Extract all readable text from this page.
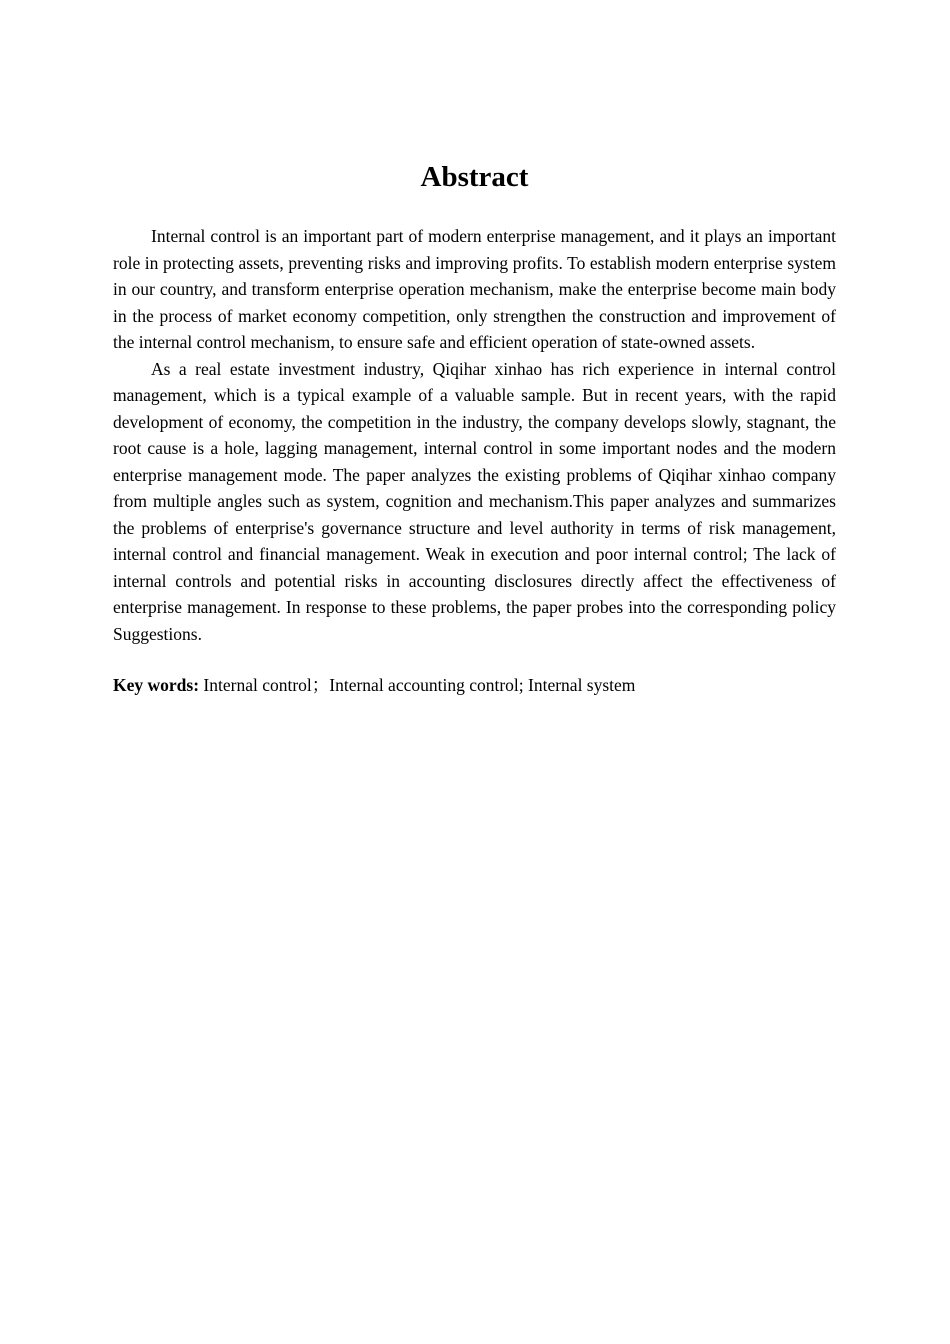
Abstract

Internal control is an important part of modern enterprise management, and it plays an important role in protecting assets, preventing risks and improving profits. To establish modern enterprise system in our country, and transform enterprise operation mechanism, make the enterprise become main body in the process of market economy competition, only strengthen the construction and improvement of the internal control mechanism, to ensure safe and efficient operation of state-owned assets.

As a real estate investment industry, Qiqihar xinhao has rich experience in internal control management, which is a typical example of a valuable sample. But in recent years, with the rapid development of economy, the competition in the industry, the company develops slowly, stagnant, the root cause is a hole, lagging management, internal control in some important nodes and the modern enterprise management mode. The paper analyzes the existing problems of Qiqihar xinhao company from multiple angles such as system, cognition and mechanism.This paper analyzes and summarizes the problems of enterprise's governance structure and level authority in terms of risk management, internal control and financial management. Weak in execution and poor internal control; The lack of internal controls and potential risks in accounting disclosures directly affect the effectiveness of enterprise management. In response to these problems, the paper probes into the corresponding policy Suggestions.

Key words: Internal control；Internal accounting control; Internal system
